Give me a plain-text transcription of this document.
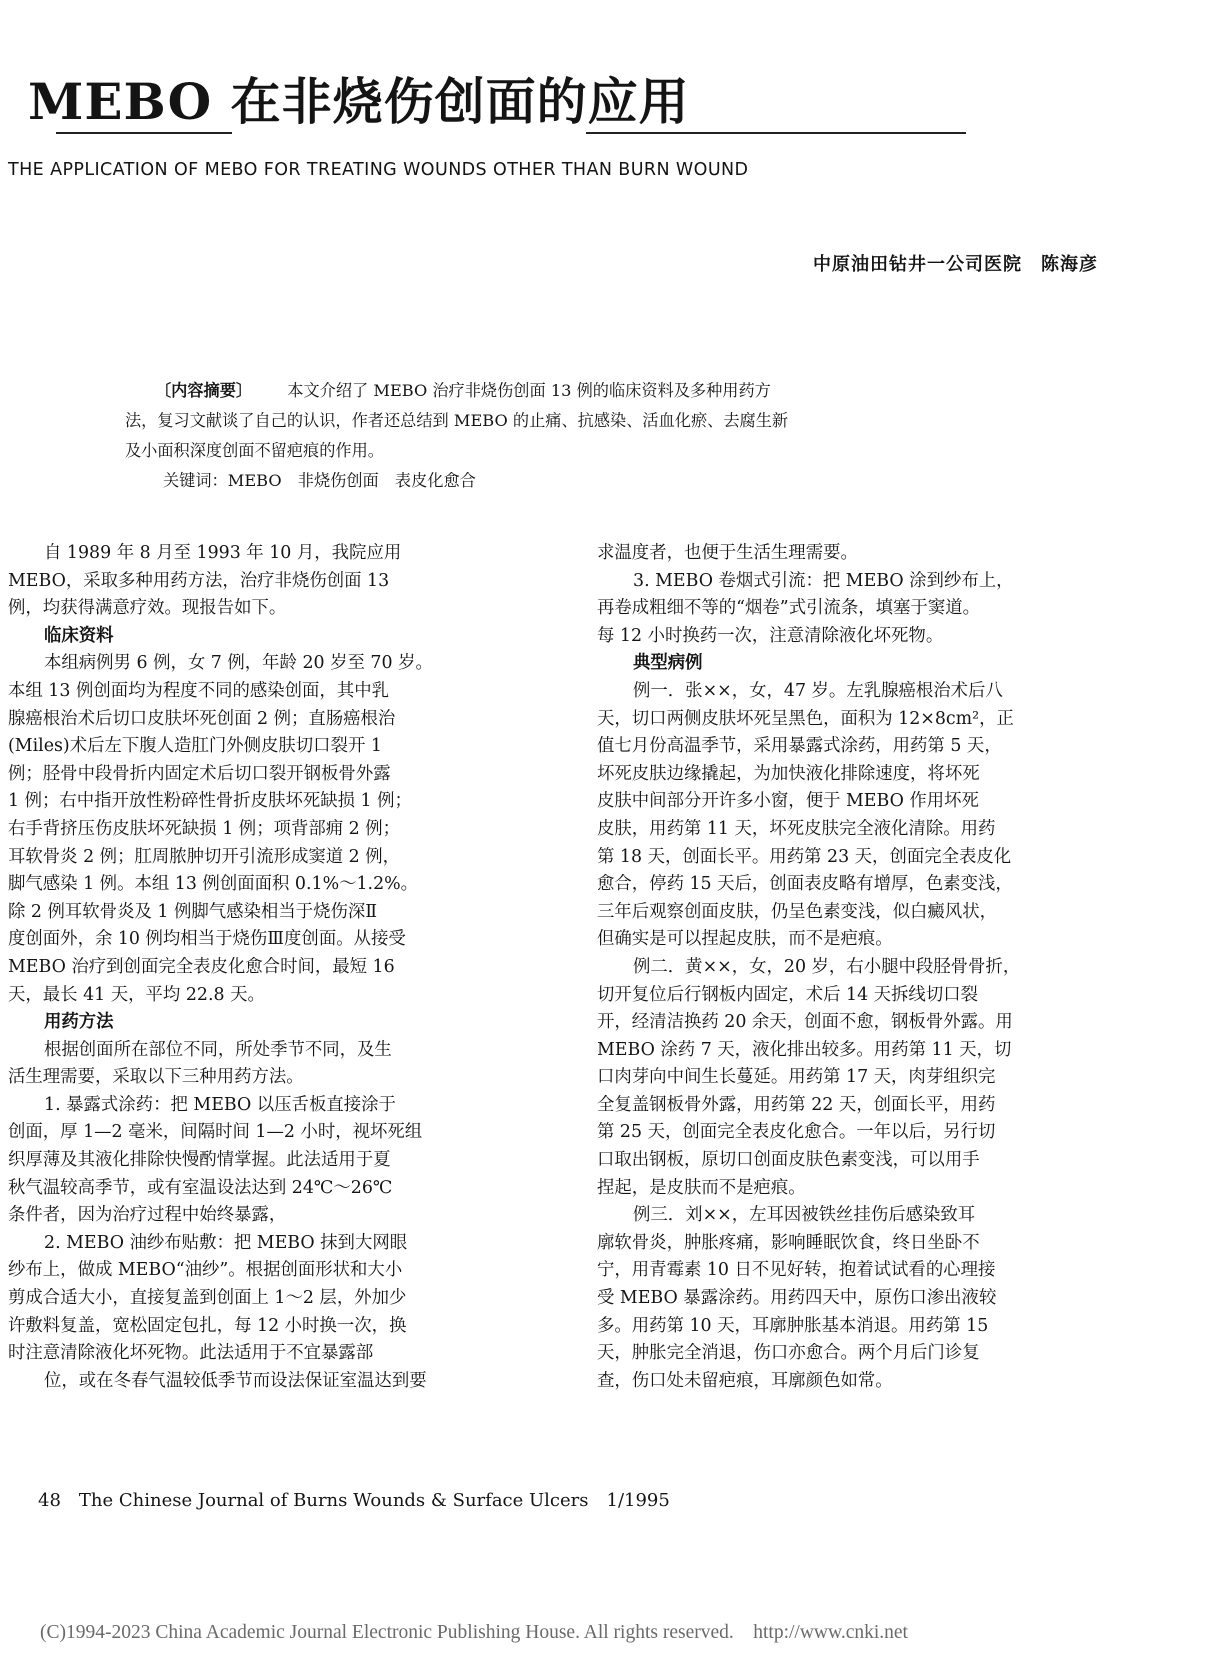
MEBO 在非烧伤创面的应用
THE APPLICATION OF MEBO FOR TREATING WOUNDS OTHER THAN BURN WOUND
中原油田钻井一公司医院　陈海彦
〔内容摘要〕 本文介绍了 MEBO 治疗非烧伤创面 13 例的临床资料及多种用药方
法，复习文献谈了自己的认识，作者还总结到 MEBO 的止痛、抗感染、活血化瘀、去腐生新
及小面积深度创面不留疤痕的作用。
关键词：MEBO　非烧伤创面　表皮化愈合
自 1989 年 8 月至 1993 年 10 月，我院应用
MEBO，采取多种用药方法，治疗非烧伤创面 13
例，均获得满意疗效。现报告如下。
临床资料
本组病例男 6 例，女 7 例，年龄 20 岁至 70 岁。
本组 13 例创面均为程度不同的感染创面，其中乳
腺癌根治术后切口皮肤坏死创面 2 例；直肠癌根治
(Miles)术后左下腹人造肛门外侧皮肤切口裂开 1
例；胫骨中段骨折内固定术后切口裂开钢板骨外露
1 例；右中指开放性粉碎性骨折皮肤坏死缺损 1 例；
右手背挤压伤皮肤坏死缺损 1 例；项背部痈 2 例；
耳软骨炎 2 例；肛周脓肿切开引流形成窦道 2 例，
脚气感染 1 例。本组 13 例创面面积 0.1%～1.2%。
除 2 例耳软骨炎及 1 例脚气感染相当于烧伤深Ⅱ
度创面外，余 10 例均相当于烧伤Ⅲ度创面。从接受
MEBO 治疗到创面完全表皮化愈合时间，最短 16
天，最长 41 天，平均 22.8 天。
用药方法
根据创面所在部位不同，所处季节不同，及生
活生理需要，采取以下三种用药方法。
1. 暴露式涂药：把 MEBO 以压舌板直接涂于
创面，厚 1—2 毫米，间隔时间 1—2 小时，视坏死组
织厚薄及其液化排除快慢酌情掌握。此法适用于夏
秋气温较高季节，或有室温设法达到 24℃～26℃
条件者，因为治疗过程中始终暴露，
2. MEBO 油纱布贴敷：把 MEBO 抹到大网眼
纱布上，做成 MEBO“油纱”。根据创面形状和大小
剪成合适大小，直接复盖到创面上 1～2 层，外加少
许敷料复盖，宽松固定包扎，每 12 小时换一次，换
时注意清除液化坏死物。此法适用于不宜暴露部
位，或在冬春气温较低季节而设法保证室温达到要
求温度者，也便于生活生理需要。
3. MEBO 卷烟式引流：把 MEBO 涂到纱布上，
再卷成粗细不等的“烟卷”式引流条，填塞于窦道。
每 12 小时换药一次，注意清除液化坏死物。
典型病例
例一．张××，女，47 岁。左乳腺癌根治术后八
天，切口两侧皮肤坏死呈黑色，面积为 12×8cm²，正
值七月份高温季节，采用暴露式涂药，用药第 5 天，
坏死皮肤边缘撬起，为加快液化排除速度，将坏死
皮肤中间部分开许多小窗，便于 MEBO 作用坏死
皮肤，用药第 11 天，坏死皮肤完全液化清除。用药
第 18 天，创面长平。用药第 23 天，创面完全表皮化
愈合，停药 15 天后，创面表皮略有增厚，色素变浅，
三年后观察创面皮肤，仍呈色素变浅，似白癜风状，
但确实是可以捏起皮肤，而不是疤痕。
例二．黄××，女，20 岁，右小腿中段胫骨骨折，
切开复位后行钢板内固定，术后 14 天拆线切口裂
开，经清洁换药 20 余天，创面不愈，钢板骨外露。用
MEBO 涂药 7 天，液化排出较多。用药第 11 天，切
口肉芽向中间生长蔓延。用药第 17 天，肉芽组织完
全复盖钢板骨外露，用药第 22 天，创面长平，用药
第 25 天，创面完全表皮化愈合。一年以后，另行切
口取出钢板，原切口创面皮肤色素变浅，可以用手
捏起，是皮肤而不是疤痕。
例三．刘××，左耳因被铁丝挂伤后感染致耳
廓软骨炎，肿胀疼痛，影响睡眠饮食，终日坐卧不
宁，用青霉素 10 日不见好转，抱着试试看的心理接
受 MEBO 暴露涂药。用药四天中，原伤口渗出液较
多。用药第 10 天，耳廓肿胀基本消退。用药第 15
天，肿胀完全消退，伤口亦愈合。两个月后门诊复
查，伤口处未留疤痕，耳廓颜色如常。
48　The Chinese Journal of Burns Wounds & Surface Ulcers　1/1995
(C)1994-2023 China Academic Journal Electronic Publishing House. All rights reserved.　http://www.cnki.net
